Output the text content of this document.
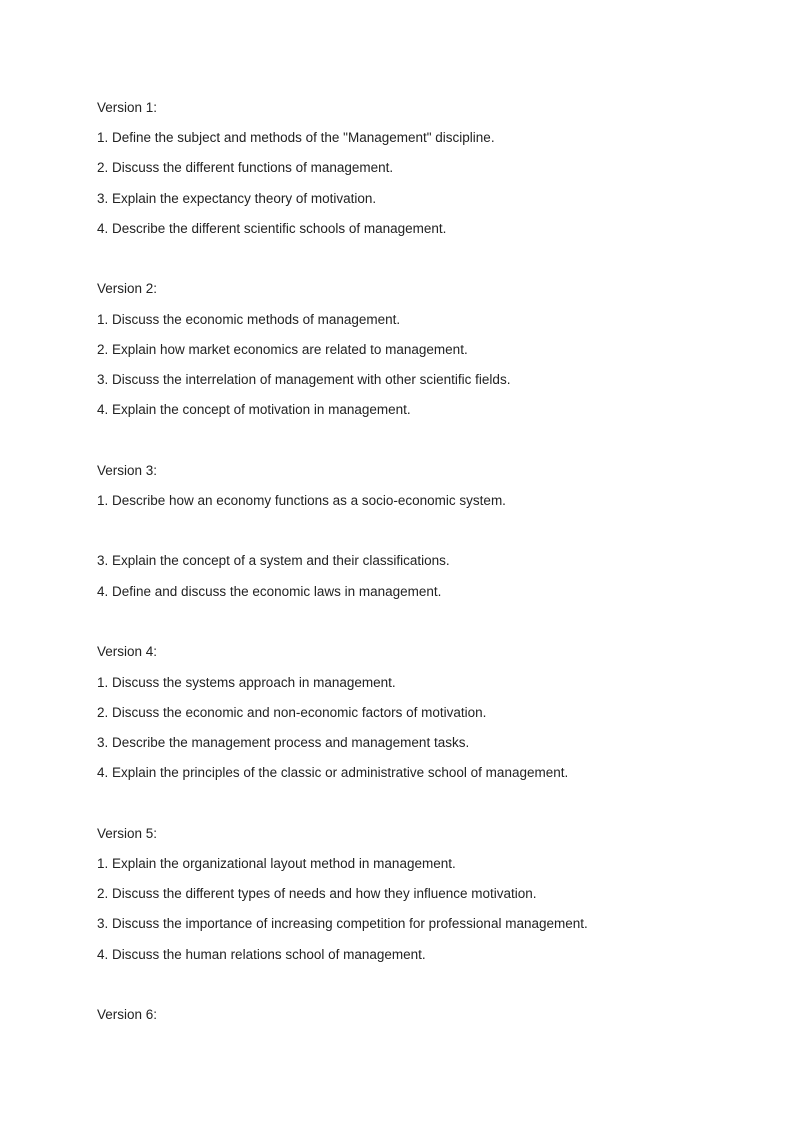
Version 1:
1. Define the subject and methods of the "Management" discipline.
2. Discuss the different functions of management.
3. Explain the expectancy theory of motivation.
4. Describe the different scientific schools of management.
Version 2:
1. Discuss the economic methods of management.
2. Explain how market economics are related to management.
3. Discuss the interrelation of management with other scientific fields.
4. Explain the concept of motivation in management.
Version 3:
1. Describe how an economy functions as a socio-economic system.
3. Explain the concept of a system and their classifications.
4. Define and discuss the economic laws in management.
Version 4:
1. Discuss the systems approach in management.
2. Discuss the economic and non-economic factors of motivation.
3. Describe the management process and management tasks.
4. Explain the principles of the classic or administrative school of management.
Version 5:
1. Explain the organizational layout method in management.
2. Discuss the different types of needs and how they influence motivation.
3. Discuss the importance of increasing competition for professional management.
4. Discuss the human relations school of management.
Version 6:
